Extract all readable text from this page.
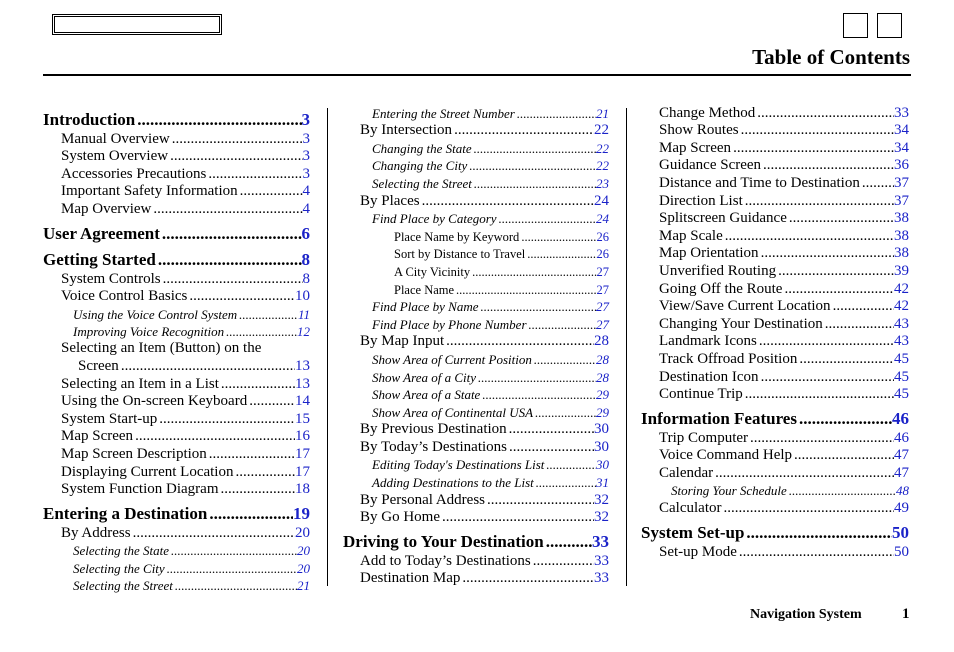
Table of Contents
Introduction .....	3
Manual Overview .....	3
System Overview .....	3
Accessories Precautions .....	3
Important Safety Information .....	4
Map Overview .....	4
User Agreement .....	6
Getting Started .....	8
System Controls .....	8
Voice Control Basics .....	10
Using the Voice Control System .....	11
Improving Voice Recognition .....	12
Selecting an Item (Button) on the
Screen .....	13
Selecting an Item in a List .....	13
Using the On-screen Keyboard .....	14
System Start-up .....	15
Map Screen .....	16
Map Screen Description .....	17
Displaying Current Location .....	17
System Function Diagram .....	18
Entering a Destination .....	19
By Address .....	20
Selecting the State .....	20
Selecting the City .....	20
Selecting the Street .....	21
Entering the Street Number .....	21
By Intersection .....	22
Changing the State .....	22
Changing the City .....	22
Selecting the Street .....	23
By Places .....	24
Find Place by Category .....	24
Place Name by Keyword .....	26
Sort by Distance to Travel .....	26
A City Vicinity .....	27
Place Name .....	27
Find Place by Name .....	27
Find Place by Phone Number .....	27
By Map Input .....	28
Show Area of Current Position .....	28
Show Area of a City .....	28
Show Area of a State .....	29
Show Area of Continental USA .....	29
By Previous Destination .....	30
By Today’s Destinations .....	30
Editing Today's Destinations List .....	30
Adding Destinations to the List .....	31
By Personal Address .....	32
By Go Home .....	32
Driving to Your Destination .....	33
Add to Today’s Destinations .....	33
Destination Map .....	33
Change Method .....	33
Show Routes .....	34
Map Screen .....	34
Guidance Screen .....	36
Distance and Time to Destination ..... 37
Direction List .....	37
Splitscreen Guidance .....	38
Map Scale .....	38
Map Orientation .....	38
Unverified Routing .....	39
Going Off the Route .....	42
View/Save Current Location .....	42
Changing Your Destination .....	43
Landmark Icons .....	43
Track Offroad Position .....	45
Destination Icon .....	45
Continue Trip .....	45
Information Features .....	46
Trip Computer .....	46
Voice Command Help .....	47
Calendar .....	47
Storing Your Schedule .....	48
Calculator .....	49
System Set-up .....	50
Set-up Mode .....	50
Navigation System	1
